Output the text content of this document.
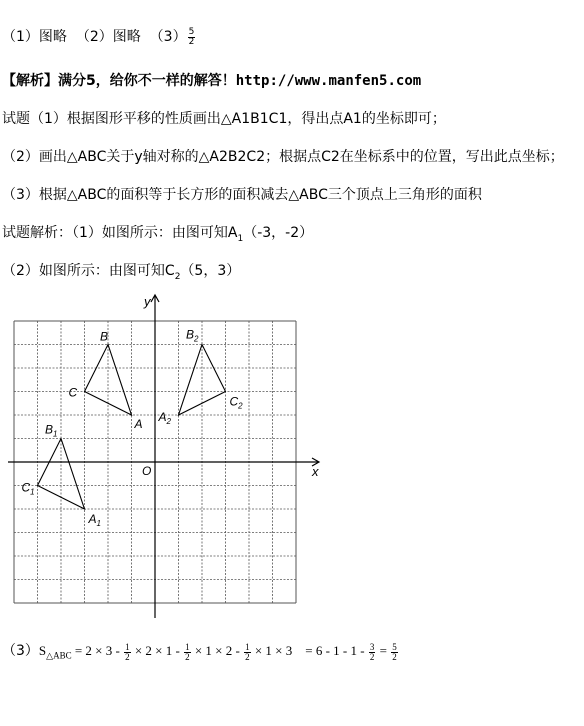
（1）图略 （2）图略 $(3) \frac{5}{2}$
【解析】满分5，给你不一样的解答！http://www.manfen5.com
试题（1）根据图形平移的性质画出△A1B1C1，得出点A1的坐标即可；
（2）画出△ABC关于y轴对称的△A2B2C2；根据点C2在坐标系中的位置，写出此点坐标；
（3）根据△ABC的面积等于长方形的面积减去△ABC三个顶点上三角形的面积
试题解析：（1）如图所示：由图可知$A_1(-3$，-2）
（2）如图所示：由图可知$C_2(5$，3）
x
y
O
A
B
C
$A_1$
$B_1$
$C_1$
$A_2$
$B_2$
$C_2$
$(3)S_{\triangle ABC} = 2 \times 3 - \frac{1}{2} \times 2 \times 1 - \frac{1}{2} \times 1 \times 2 - \frac{1}{2} \times 1 \times 3 = 6 - 1 - 1 - \frac{3}{2} = \frac{5}{2}$
